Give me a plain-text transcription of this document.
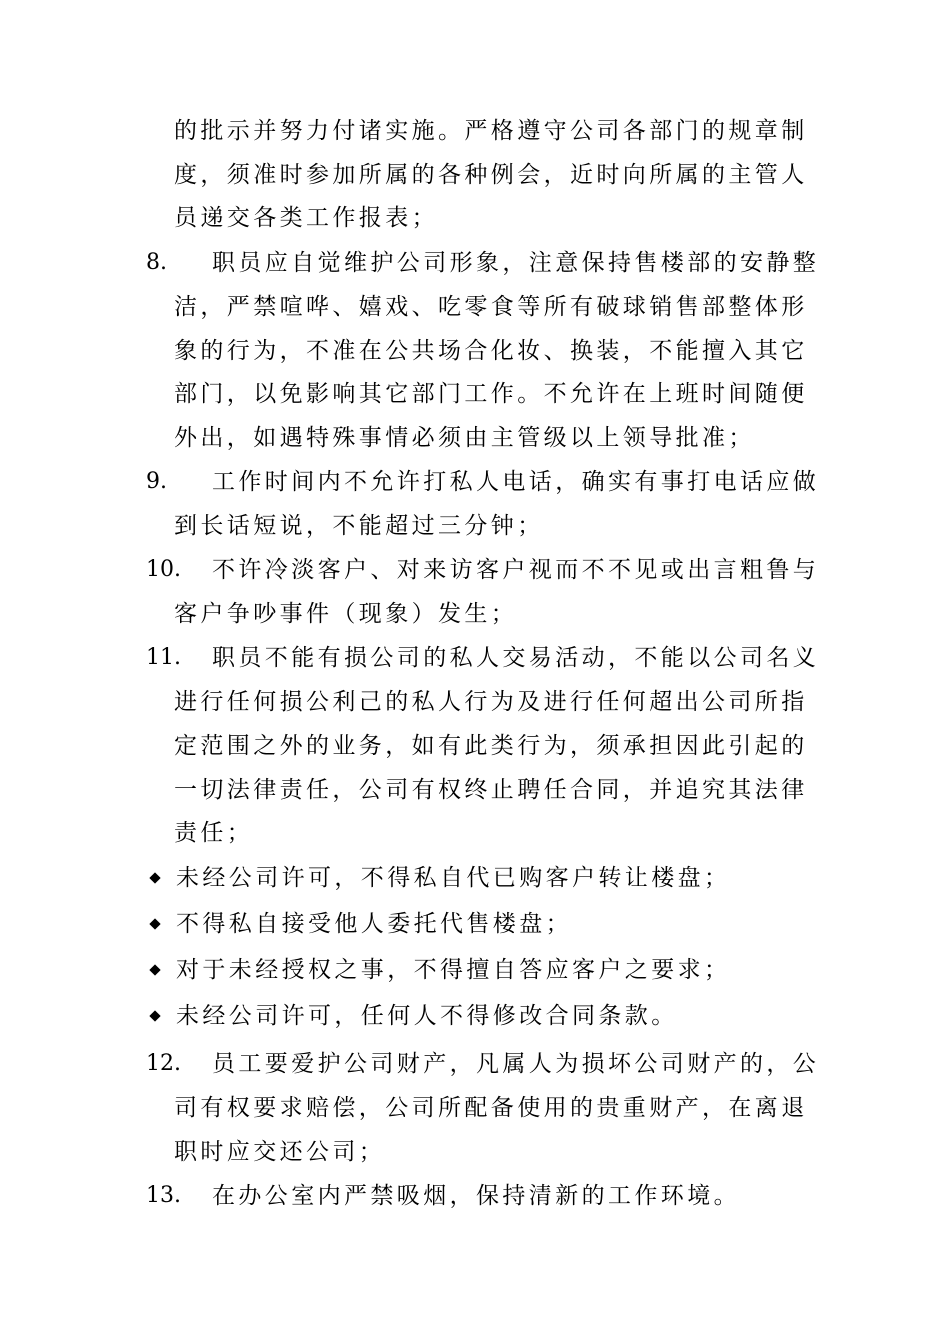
的批示并努力付诸实施。严格遵守公司各部门的规章制
度，须准时参加所属的各种例会，近时向所属的主管人
员递交各类工作报表；
8. 职员应自觉维护公司形象，注意保持售楼部的安静整
洁，严禁喧哗、嬉戏、吃零食等所有破球销售部整体形
象的行为，不准在公共场合化妆、换装，不能擅入其它
部门，以免影响其它部门工作。不允许在上班时间随便
外出，如遇特殊事情必须由主管级以上领导批准；
9. 工作时间内不允许打私人电话，确实有事打电话应做
到长话短说，不能超过三分钟；
10. 不许冷淡客户、对来访客户视而不不见或出言粗鲁与
客户争吵事件（现象）发生；
11. 职员不能有损公司的私人交易活动，不能以公司名义
进行任何损公利己的私人行为及进行任何超出公司所指
定范围之外的业务，如有此类行为，须承担因此引起的
一切法律责任，公司有权终止聘任合同，并追究其法律
责任；
未经公司许可，不得私自代已购客户转让楼盘；
不得私自接受他人委托代售楼盘；
对于未经授权之事，不得擅自答应客户之要求；
未经公司许可，任何人不得修改合同条款。
12. 员工要爱护公司财产，凡属人为损坏公司财产的，公
司有权要求赔偿，公司所配备使用的贵重财产，在离退
职时应交还公司；
13. 在办公室内严禁吸烟，保持清新的工作环境。
